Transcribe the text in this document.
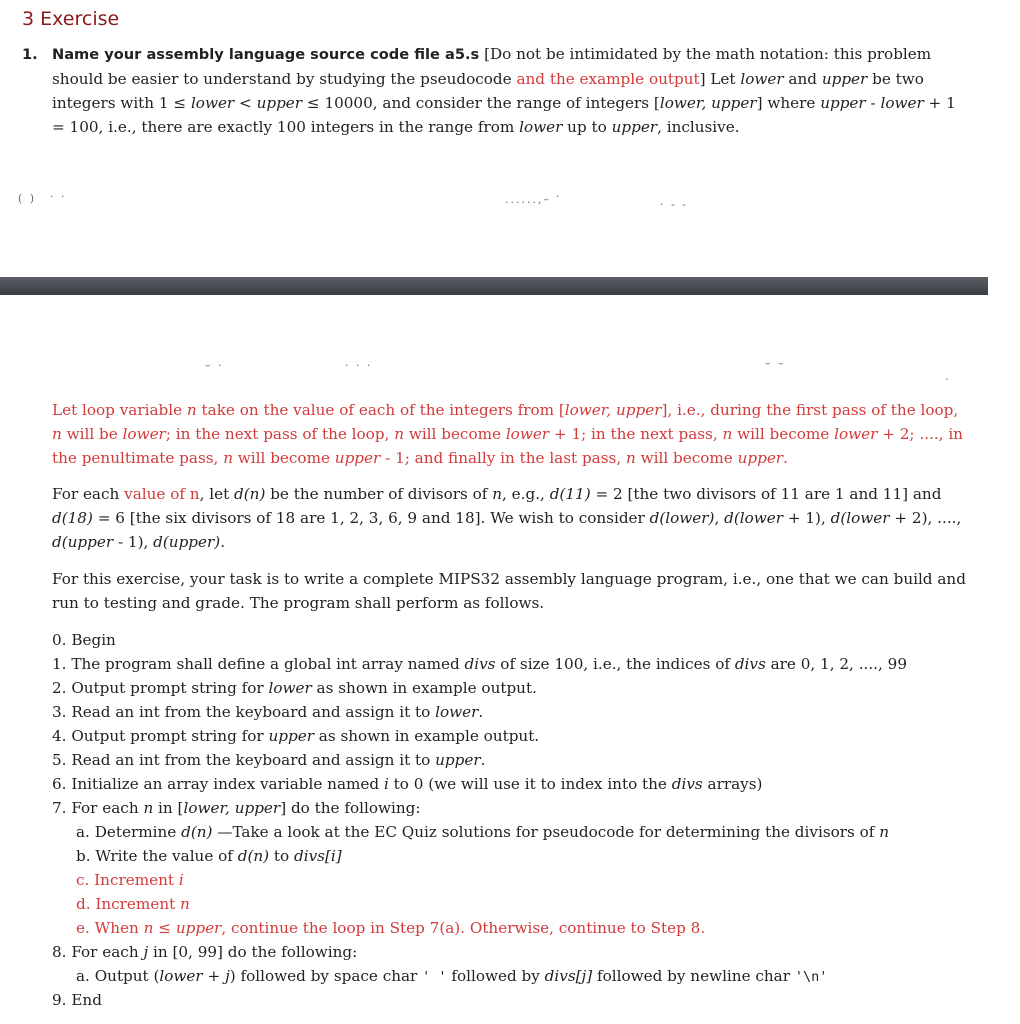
3 Exercise
1. Name your assembly language source code file a5.s [Do not be intimidated by the math notation: this problem should be easier to understand by studying the pseudocode and the example output] Let lower and upper be two integers with 1 ≤ lower < upper ≤ 10000, and consider the range of integers [lower, upper] where upper - lower + 1 = 100, i.e., there are exactly 100 integers in the range from lower up to upper, inclusive.
( ) · ·	......,– ·
· - -
– ·	· · ·	– –
.

Let loop variable n take on the value of each of the integers from [lower, upper], i.e., during the first pass of the loop, n will be lower; in the next pass of the loop, n will become lower + 1; in the next pass, n will become lower + 2; ...., in the penultimate pass, n will become upper - 1; and finally in the last pass, n will become upper.

For each value of n, let d(n) be the number of divisors of n, e.g., d(11) = 2 [the two divisors of 11 are 1 and 11] and d(18) = 6 [the six divisors of 18 are 1, 2, 3, 6, 9 and 18]. We wish to consider d(lower), d(lower + 1), d(lower + 2), ...., d(upper - 1), d(upper).

For this exercise, your task is to write a complete MIPS32 assembly language program, i.e., one that we can build and run to testing and grade. The program shall perform as follows.

0. Begin
1. The program shall define a global int array named divs of size 100, i.e., the indices of divs are 0, 1, 2, ...., 99
2. Output prompt string for lower as shown in example output.
3. Read an int from the keyboard and assign it to lower.
4. Output prompt string for upper as shown in example output.
5. Read an int from the keyboard and assign it to upper.
6. Initialize an array index variable named i to 0 (we will use it to index into the divs arrays)
7. For each n in [lower, upper] do the following:
a. Determine d(n) —Take a look at the EC Quiz solutions for pseudocode for determining the divisors of n
b. Write the value of d(n) to divs[i]
c. Increment i
d. Increment n
e. When n ≤ upper, continue the loop in Step 7(a). Otherwise, continue to Step 8.
8. For each j in [0, 99] do the following:
a. Output (lower + j) followed by space char ' ' followed by divs[j] followed by newline char '\n'
9. End
